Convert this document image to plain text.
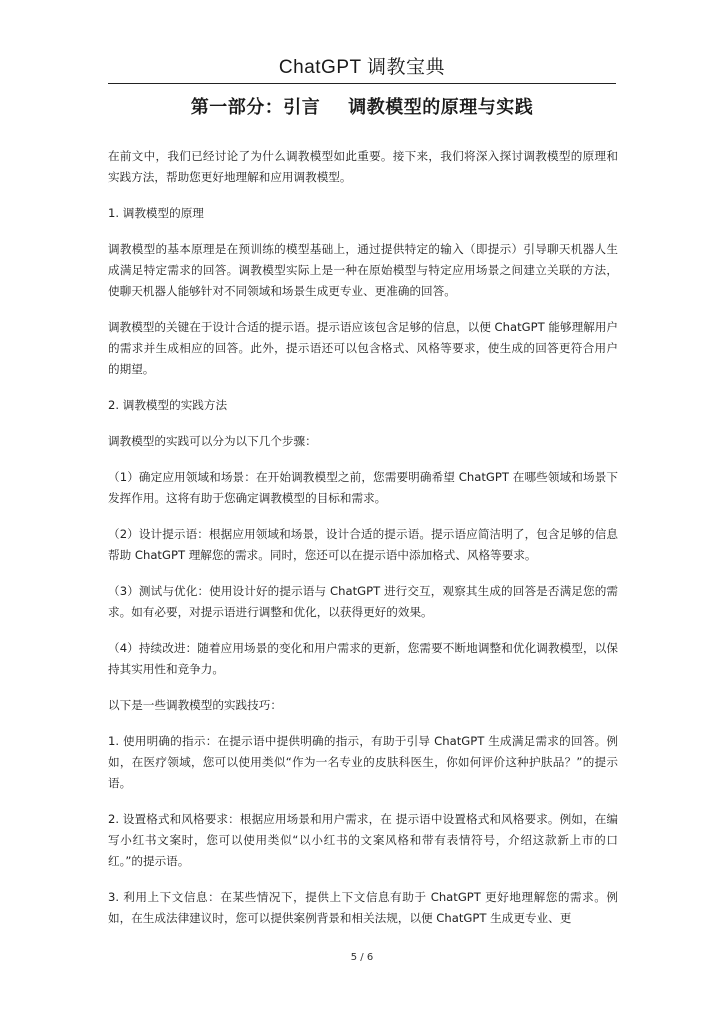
ChatGPT 调教宝典
第一部分：引言 调教模型的原理与实践

在前文中，我们已经讨论了为什么调教模型如此重要。接下来，我们将深入探讨调教模型的原理和实践方法，帮助您更好地理解和应用调教模型。

1. 调教模型的原理

调教模型的基本原理是在预训练的模型基础上，通过提供特定的输入（即提示）引导聊天机器人生成满足特定需求的回答。调教模型实际上是一种在原始模型与特定应用场景之间建立关联的方法，使聊天机器人能够针对不同领域和场景生成更专业、更准确的回答。

调教模型的关键在于设计合适的提示语。提示语应该包含足够的信息，以便 ChatGPT 能够理解用户的需求并生成相应的回答。此外，提示语还可以包含格式、风格等要求，使生成的回答更符合用户的期望。

2. 调教模型的实践方法

调教模型的实践可以分为以下几个步骤：

（1）确定应用领域和场景：在开始调教模型之前，您需要明确希望 ChatGPT 在哪些领域和场景下发挥作用。这将有助于您确定调教模型的目标和需求。

（2）设计提示语：根据应用领域和场景，设计合适的提示语。提示语应简洁明了，包含足够的信息帮助 ChatGPT 理解您的需求。同时，您还可以在提示语中添加格式、风格等要求。

（3）测试与优化：使用设计好的提示语与 ChatGPT 进行交互，观察其生成的回答是否满足您的需求。如有必要，对提示语进行调整和优化，以获得更好的效果。

（4）持续改进：随着应用场景的变化和用户需求的更新，您需要不断地调整和优化调教模型，以保持其实用性和竞争力。

以下是一些调教模型的实践技巧：

1. 使用明确的指示：在提示语中提供明确的指示，有助于引导 ChatGPT 生成满足需求的回答。例如，在医疗领域，您可以使用类似“作为一名专业的皮肤科医生，你如何评价这种护肤品？”的提示语。

2. 设置格式和风格要求：根据应用场景和用户需求，在 提示语中设置格式和风格要求。例如，在编写小红书文案时，您可以使用类似“以小红书的文案风格和带有表情符号，介绍这款新上市的口红。”的提示语。

3. 利用上下文信息：在某些情况下，提供上下文信息有助于 ChatGPT 更好地理解您的需求。例如，在生成法律建议时，您可以提供案例背景和相关法规，以便 ChatGPT 生成更专业、更

5 / 6
